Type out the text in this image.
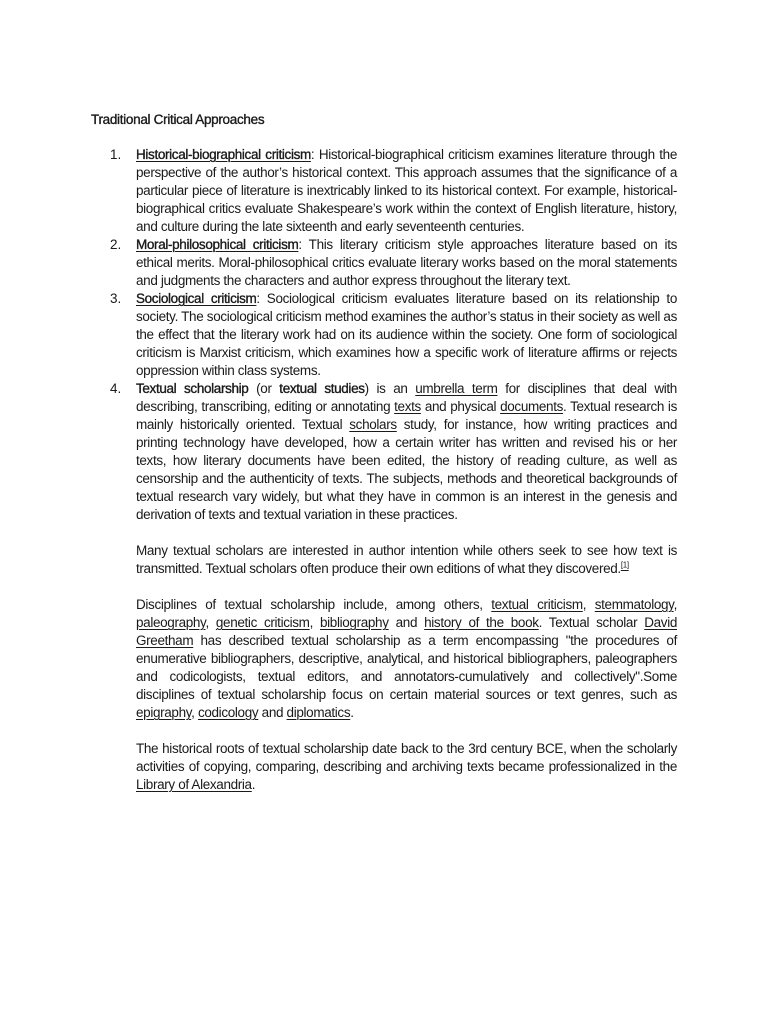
Traditional Critical Approaches
1. Historical-biographical criticism: Historical-biographical criticism examines literature through the perspective of the author’s historical context. This approach assumes that the significance of a particular piece of literature is inextricably linked to its historical context. For example, historical-biographical critics evaluate Shakespeare’s work within the context of English literature, history, and culture during the late sixteenth and early seventeenth centuries.

2. Moral-philosophical criticism: This literary criticism style approaches literature based on its ethical merits. Moral-philosophical critics evaluate literary works based on the moral statements and judgments the characters and author express throughout the literary text.

3. Sociological criticism: Sociological criticism evaluates literature based on its relationship to society. The sociological criticism method examines the author’s status in their society as well as the effect that the literary work had on its audience within the society. One form of sociological criticism is Marxist criticism, which examines how a specific work of literature affirms or rejects oppression within class systems.

4. Textual scholarship (or textual studies) is an umbrella term for disciplines that deal with describing, transcribing, editing or annotating texts and physical documents. Textual research is mainly historically oriented. Textual scholars study, for instance, how writing practices and printing technology have developed, how a certain writer has written and revised his or her texts, how literary documents have been edited, the history of reading culture, as well as censorship and the authenticity of texts. The subjects, methods and theoretical backgrounds of textual research vary widely, but what they have in common is an interest in the genesis and derivation of texts and textual variation in these practices.

Many textual scholars are interested in author intention while others seek to see how text is transmitted. Textual scholars often produce their own editions of what they discovered.[1]

Disciplines of textual scholarship include, among others, textual criticism, stemmatology, paleography, genetic criticism, bibliography and history of the book. Textual scholar David Greetham has described textual scholarship as a term encompassing "the procedures of enumerative bibliographers, descriptive, analytical, and historical bibliographers, paleographers and codicologists, textual editors, and annotators-cumulatively and collectively".Some disciplines of textual scholarship focus on certain material sources or text genres, such as epigraphy, codicology and diplomatics.

The historical roots of textual scholarship date back to the 3rd century BCE, when the scholarly activities of copying, comparing, describing and archiving texts became professionalized in the Library of Alexandria.
